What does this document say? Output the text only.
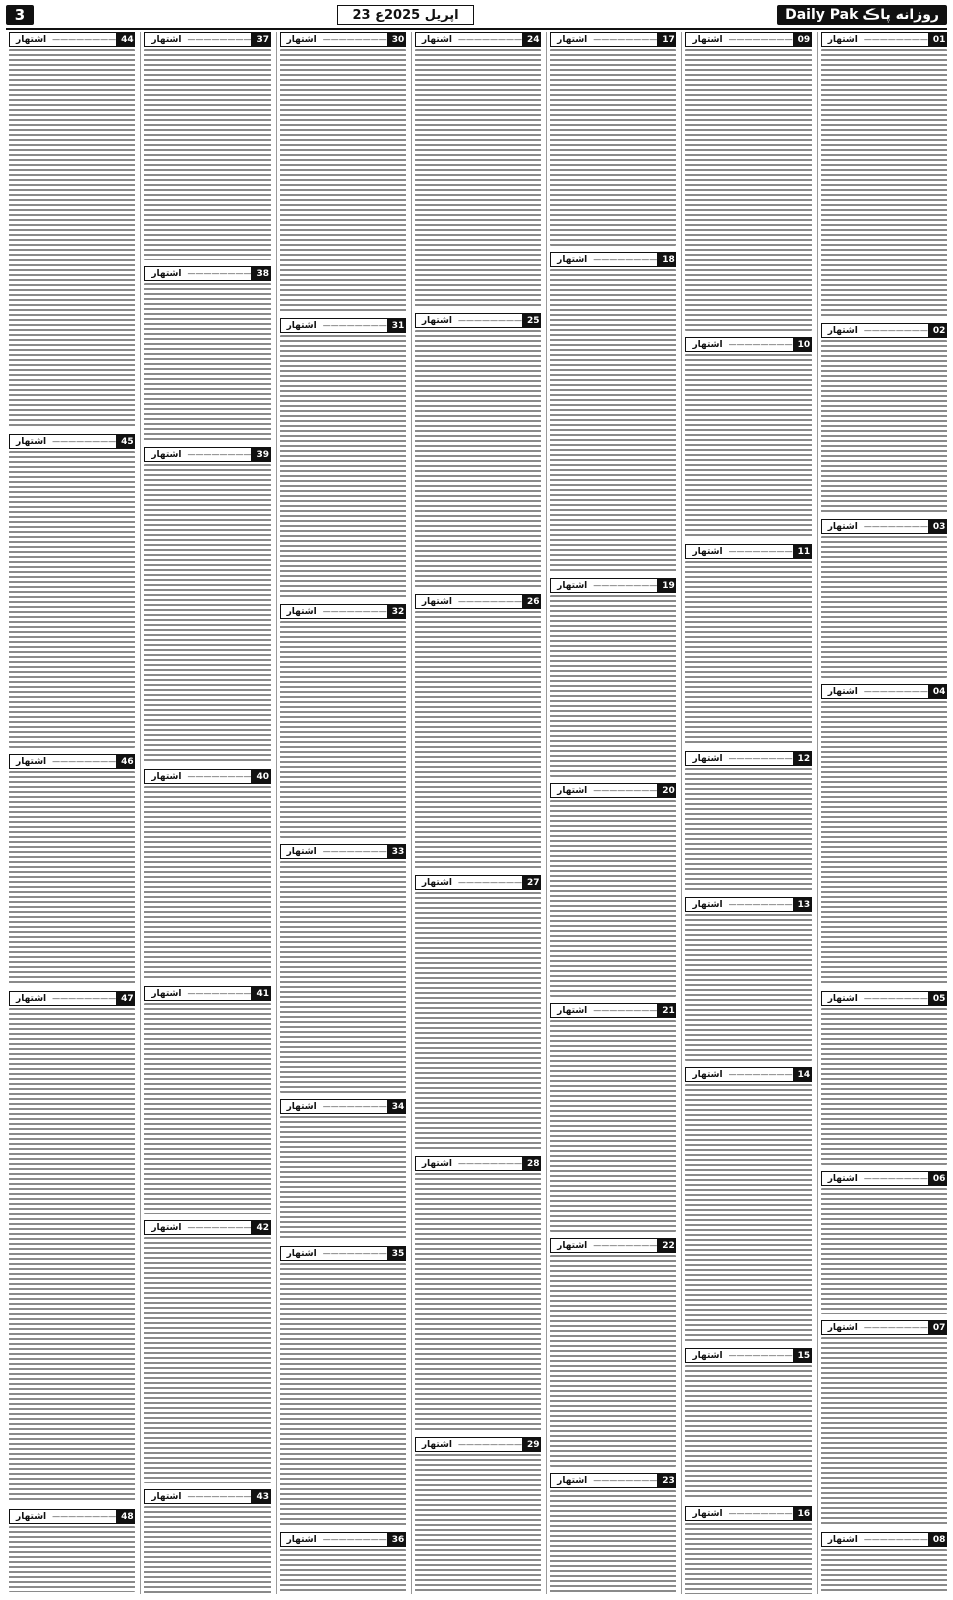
3	23 اپریل 2025ع	Daily Pak روزانه پاڪ
اشتهار ———————— 01
اشتهار ———————— 02
اشتهار ———————— 03
اشتهار ———————— 04
اشتهار ———————— 05
اشتهار ———————— 06
اشتهار ———————— 07
اشتهار ———————— 08
اشتهار ———————— 09
اشتهار ———————— 10
اشتهار ———————— 11
اشتهار ———————— 12
اشتهار ———————— 13
اشتهار ———————— 14
اشتهار ———————— 15
اشتهار ———————— 16
اشتهار ———————— 17
اشتهار ———————— 18
اشتهار ———————— 19
اشتهار ———————— 20
اشتهار ———————— 21
اشتهار ———————— 22
اشتهار ———————— 23
اشتهار ———————— 24
اشتهار ———————— 25
اشتهار ———————— 26
اشتهار ———————— 27
اشتهار ———————— 28
اشتهار ———————— 29
اشتهار ———————— 30
اشتهار ———————— 31
اشتهار ———————— 32
اشتهار ———————— 33
اشتهار ———————— 34
اشتهار ———————— 35
اشتهار ———————— 36
اشتهار ———————— 37
اشتهار ———————— 38
اشتهار ———————— 39
اشتهار ———————— 40
اشتهار ———————— 41
اشتهار ———————— 42
اشتهار ———————— 43
اشتهار ———————— 44
اشتهار ———————— 45
اشتهار ———————— 46
اشتهار ———————— 47
اشتهار ———————— 48
